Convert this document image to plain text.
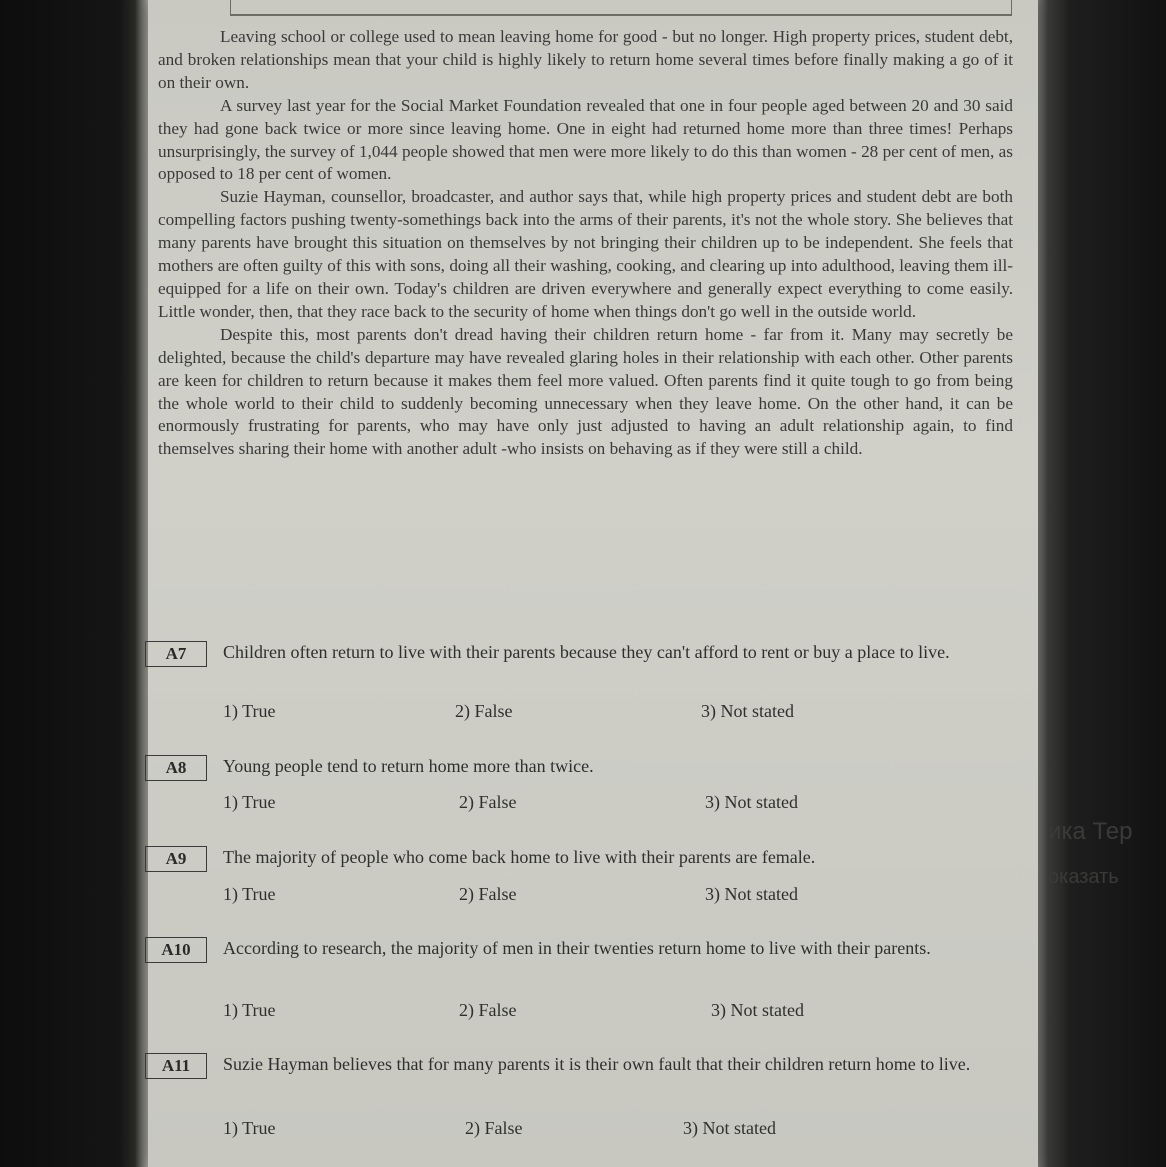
ика Тер
оказать

Leaving school or college used to mean leaving home for good - but no longer. High property prices, student debt, and broken relationships mean that your child is highly likely to return home several times before finally making a go of it on their own.

A survey last year for the Social Market Foundation revealed that one in four people aged between 20 and 30 said they had gone back twice or more since leaving home. One in eight had returned home more than three times! Perhaps unsurprisingly, the survey of 1,044 people showed that men were more likely to do this than women - 28 per cent of men, as opposed to 18 per cent of women.

Suzie Hayman, counsellor, broadcaster, and author says that, while high property prices and student debt are both compelling factors pushing twenty-somethings back into the arms of their parents, it's not the whole story. She believes that many parents have brought this situation on themselves by not bringing their children up to be independent. She feels that mothers are often guilty of this with sons, doing all their washing, cooking, and clearing up into adulthood, leaving them ill-equipped for a life on their own. Today's children are driven everywhere and generally expect everything to come easily. Little wonder, then, that they race back to the security of home when things don't go well in the outside world.

Despite this, most parents don't dread having their children return home - far from it. Many may secretly be delighted, because the child's departure may have revealed glaring holes in their relationship with each other. Other parents are keen for children to return because it makes them feel more valued. Often parents find it quite tough to go from being the whole world to their child to suddenly becoming unnecessary when they leave home. On the other hand, it can be enormously frustrating for parents, who may have only just adjusted to having an adult relationship again, to find themselves sharing their home with another adult -who insists on behaving as if they were still a child.

A7	Children often return to live with their parents because they can't afford to rent or buy a place to live.
1) True	2) False	3) Not stated
A8	Young people tend to return home more than twice.
1) True	2) False	3) Not stated
A9	The majority of people who come back home to live with their parents are female.
1) True	2) False	3) Not stated
A10	According to research, the majority of men in their twenties return home to live with their parents.
1) True	2) False	3) Not stated
A11	Suzie Hayman believes that for many parents it is their own fault that their children return home to live.
1) True	2) False	3) Not stated
